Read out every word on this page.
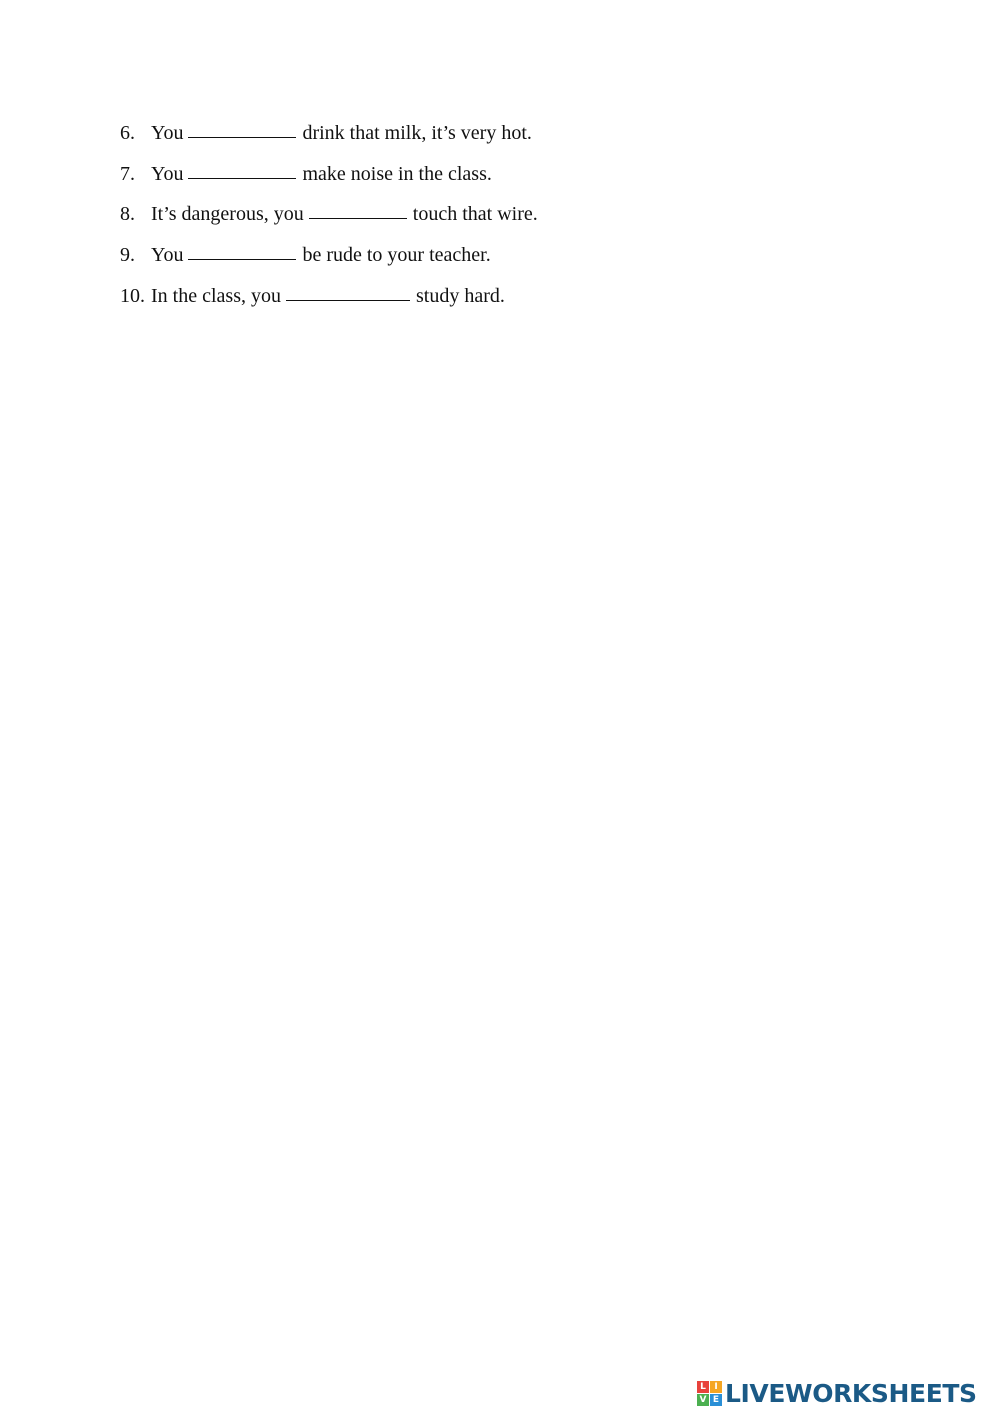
6. You	drink that milk, it’s very hot.
7. You	make noise in the class.
8. It’s dangerous, you	touch that wire.
9. You	be rude to your teacher.
10. In the class, you	study hard.
L I
V E LIVEWORKSHEETS
